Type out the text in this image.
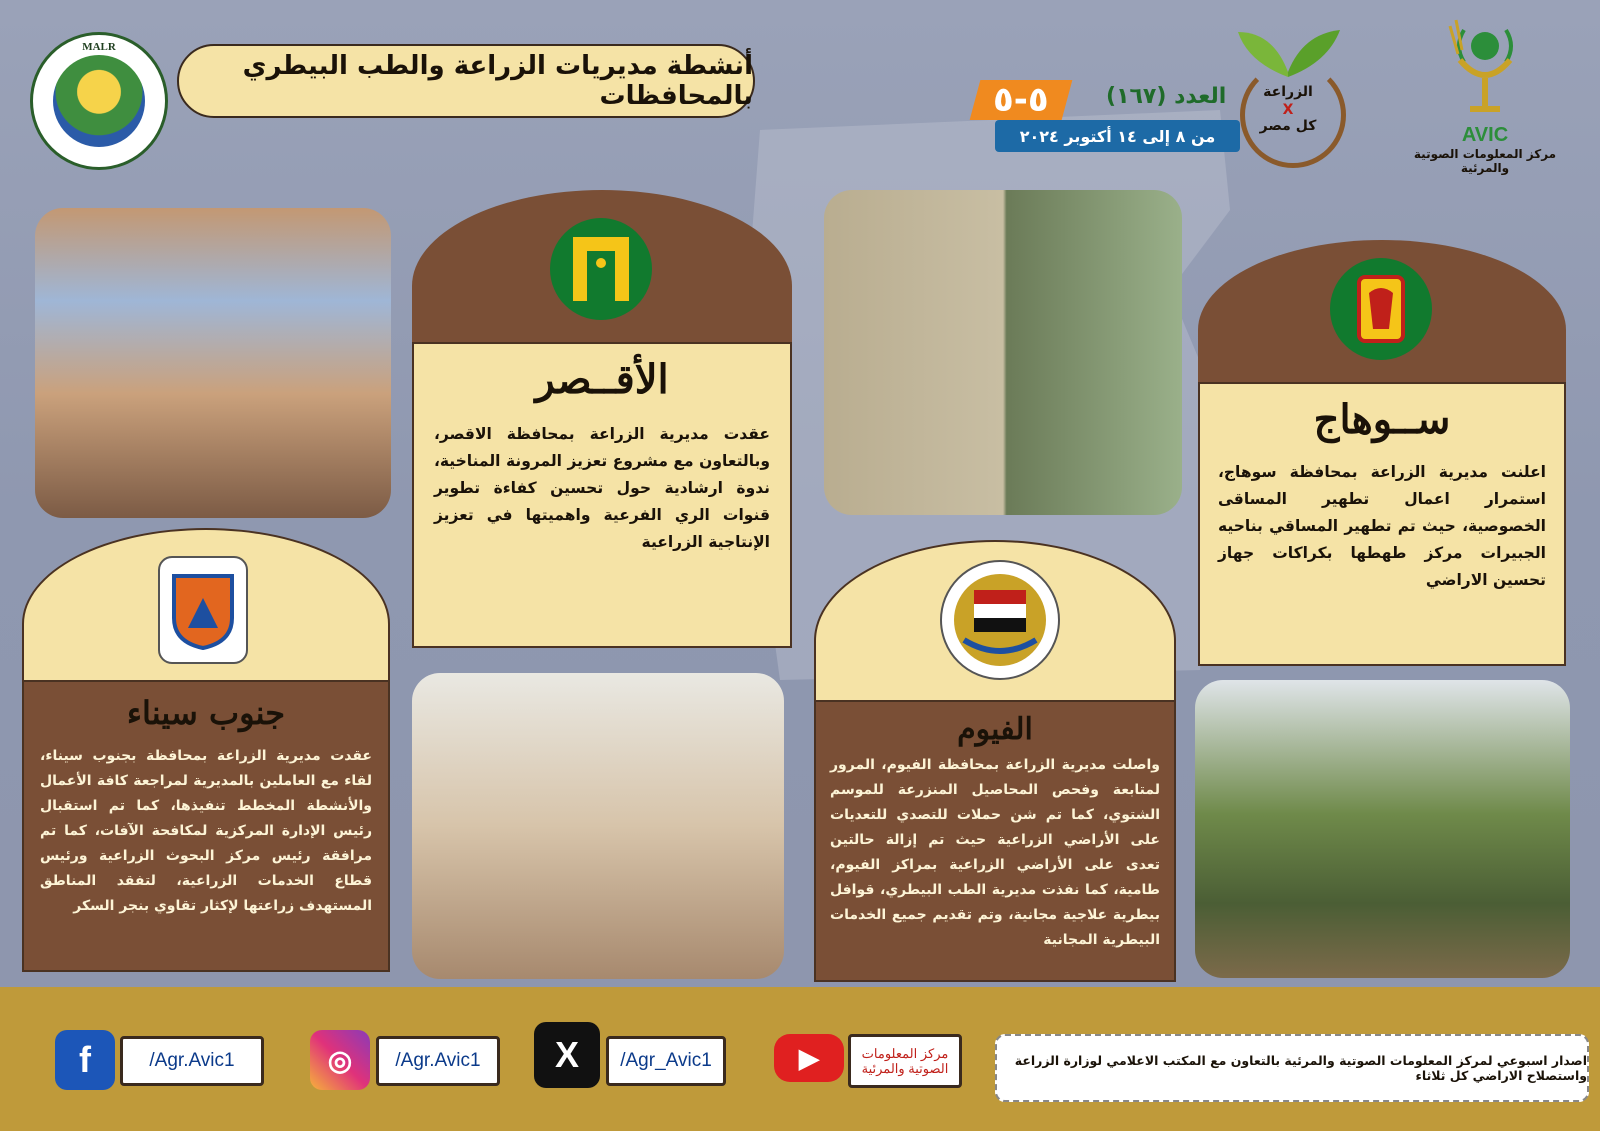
MALR
أنشطة مديريات الزراعة والطب البيطري بالمحافظات	٥-٥	العدد (١٦٧)
من ٨ إلى ١٤ أكتوبر ٢٠٢٤
الزراعة
X
كل مصر	AVIC
مركز المعلومات الصوتية والمرئية
الأقــصر
عقدت مديرية الزراعة بمحافظة الاقصر، وبالتعاون مع مشروع تعزيز المرونة المناخية، ندوة ارشادية حول تحسين كفاءة تطوير قنوات الري الفرعية واهميتها في تعزيز الإنتاجية الزراعية
ســوهاج
اعلنت مديرية الزراعة بمحافظة سوهاج، استمرار اعمال تطهير المساقى الخصوصية، حيث تم تطهير المساقي بناحيه الجبيرات مركز طهطها بكراكات جهاز تحسين الاراضي
جنوب سيناء
عقدت مديرية الزراعة بمحافظة بجنوب سيناء، لقاء مع العاملين بالمديرية لمراجعة كافة الأعمال والأنشطة المخطط تنفيذها، كما تم استقبال رئيس الإدارة المركزية لمكافحة الآفات، كما تم مرافقة رئيس مركز البحوث الزراعية ورئيس قطاع الخدمات الزراعية، لتفقد المناطق المستهدف زراعتها لإكثار تقاوي بنجر السكر
الفيوم
واصلت مديرية الزراعة بمحافظة الفيوم، المرور لمتابعة وفحص المحاصيل المنزرعة للموسم الشتوي، كما تم شن حملات للتصدي للتعديات على الأراضي الزراعية حيث تم إزالة حالتين تعدى على الأراضي الزراعية بمراكز الفيوم، طامية، كما نفذت مديرية الطب البيطري، قوافل بيطرية علاجية مجانية، وتم تقديم جميع الخدمات البيطرية المجانية
f	/Agr.Avic1	◎	/Agr.Avic1	X	/Agr_Avic1	▶	مركز المعلومات الصوتية والمرئية
اصدار اسبوعي لمركز المعلومات الصوتية والمرئية بالتعاون مع المكتب الاعلامي لوزارة الزراعة واستصلاح الاراضي كل ثلاثاء
